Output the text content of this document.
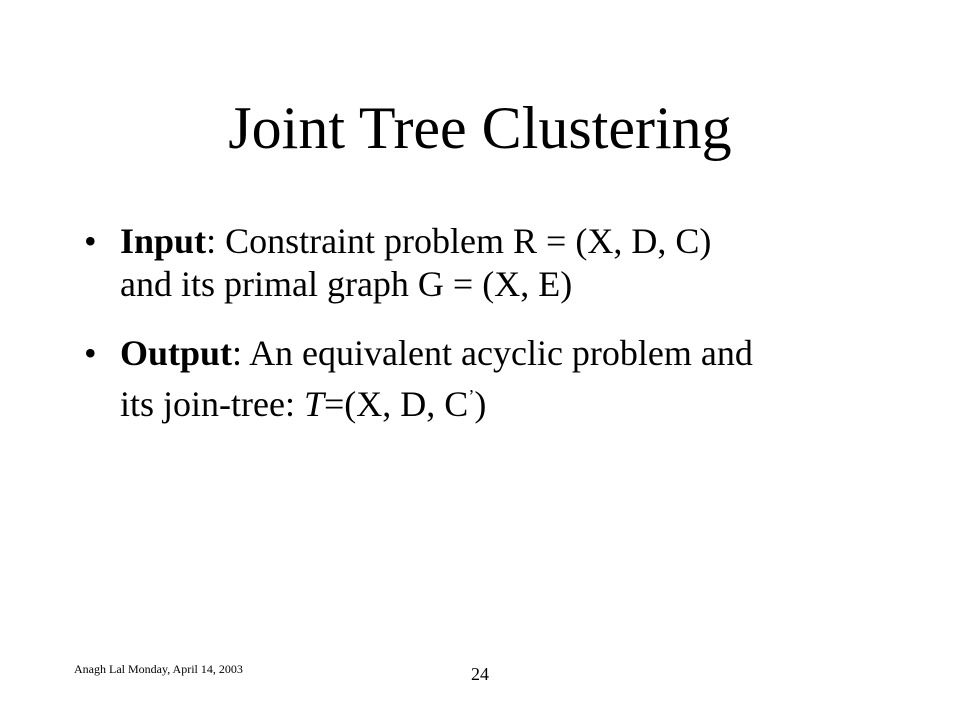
Joint Tree Clustering
• Input: Constraint problem R = (X, D, C)
and its primal graph G = (X, E)
• Output: An equivalent acyclic problem and
its join-tree: T=(X, D, C’)
Anagh Lal Monday, April 14, 2003	24
